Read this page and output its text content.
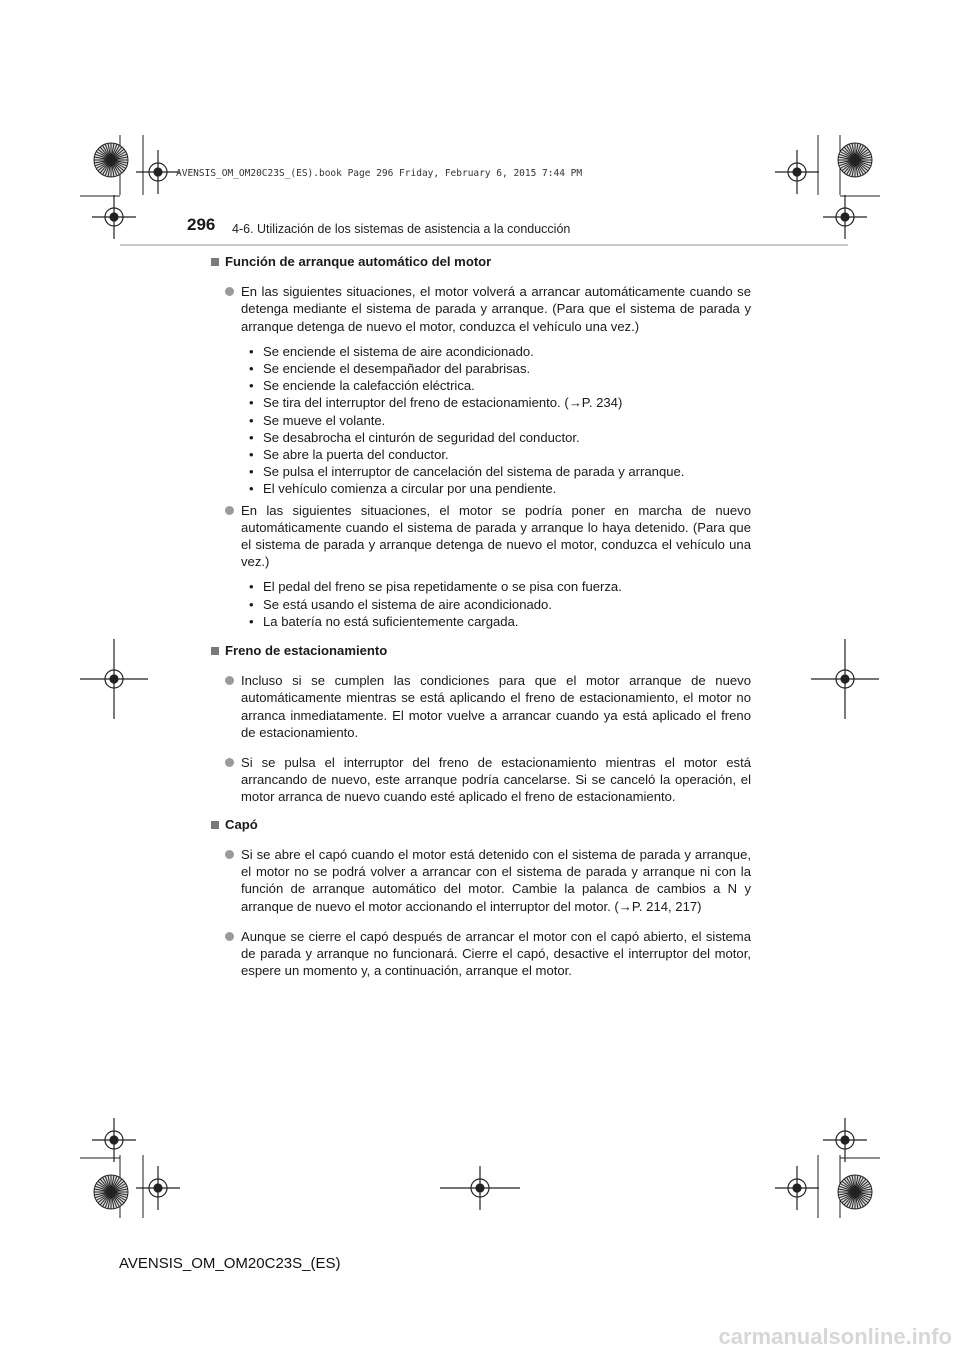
AVENSIS_OM_OM20C23S_(ES).book Page 296 Friday, February 6, 2015 7:44 PM
296 4-6. Utilización de los sistemas de asistencia a la conducción
Función de arranque automático del motor
En las siguientes situaciones, el motor volverá a arrancar automáticamente cuando se detenga mediante el sistema de parada y arranque. (Para que el sistema de parada y arranque detenga de nuevo el motor, conduzca el vehículo una vez.)
• Se enciende el sistema de aire acondicionado.
• Se enciende el desempañador del parabrisas.
• Se enciende la calefacción eléctrica.
• Se tira del interruptor del freno de estacionamiento. (→P. 234)
• Se mueve el volante.
• Se desabrocha el cinturón de seguridad del conductor.
• Se abre la puerta del conductor.
• Se pulsa el interruptor de cancelación del sistema de parada y arranque.
• El vehículo comienza a circular por una pendiente.
En las siguientes situaciones, el motor se podría poner en marcha de nuevo automáticamente cuando el sistema de parada y arranque lo haya detenido. (Para que el sistema de parada y arranque detenga de nuevo el motor, conduzca el vehículo una vez.)
• El pedal del freno se pisa repetidamente o se pisa con fuerza.
• Se está usando el sistema de aire acondicionado.
• La batería no está suficientemente cargada.
Freno de estacionamiento
Incluso si se cumplen las condiciones para que el motor arranque de nuevo automáticamente mientras se está aplicando el freno de estacionamiento, el motor no arranca inmediatamente. El motor vuelve a arrancar cuando ya está aplicado el freno de estacionamiento.
Si se pulsa el interruptor del freno de estacionamiento mientras el motor está arrancando de nuevo, este arranque podría cancelarse. Si se canceló la operación, el motor arranca de nuevo cuando esté aplicado el freno de estacionamiento.
Capó
Si se abre el capó cuando el motor está detenido con el sistema de parada y arranque, el motor no se podrá volver a arrancar con el sistema de parada y arranque ni con la función de arranque automático del motor. Cambie la palanca de cambios a N y arranque de nuevo el motor accionando el interruptor del motor. (→P. 214, 217)
Aunque se cierre el capó después de arrancar el motor con el capó abierto, el sistema de parada y arranque no funcionará. Cierre el capó, desactive el interruptor del motor, espere un momento y, a continuación, arranque el motor.
AVENSIS_OM_OM20C23S_(ES)
carmanualsonline.info
